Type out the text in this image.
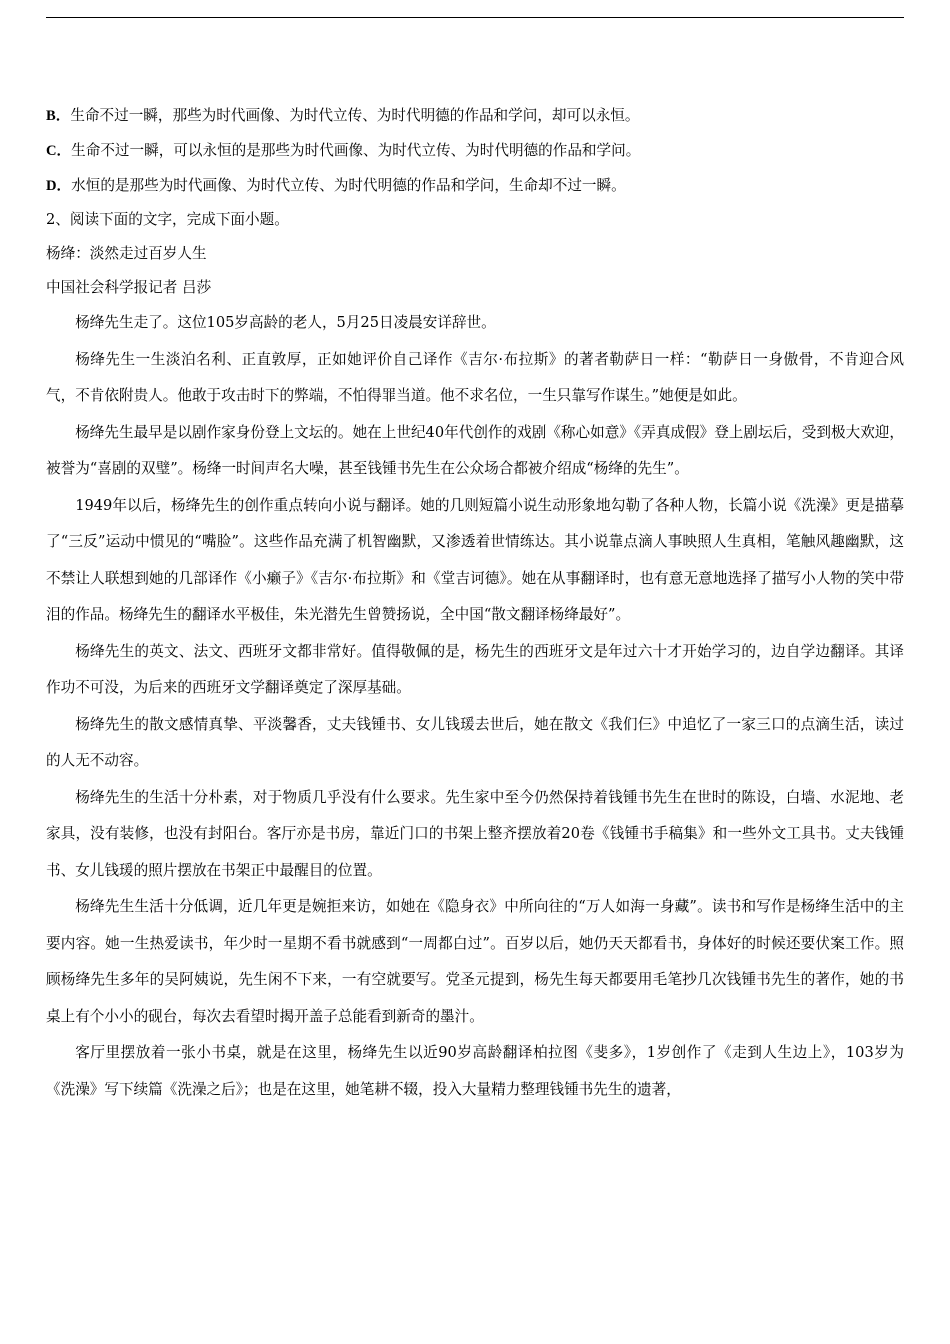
B．生命不过一瞬，那些为时代画像、为时代立传、为时代明德的作品和学问，却可以永恒。

C．生命不过一瞬，可以永恒的是那些为时代画像、为时代立传、为时代明德的作品和学问。

D．水恒的是那些为时代画像、为时代立传、为时代明德的作品和学问，生命却不过一瞬。

2、阅读下面的文字，完成下面小题。

杨绛：淡然走过百岁人生

中国社会科学报记者 吕莎

杨绛先生走了。这位105岁高龄的老人，5月25日凌晨安详辞世。

杨绛先生一生淡泊名利、正直敦厚，正如她评价自己译作《吉尔·布拉斯》的著者勒萨日一样：“勒萨日一身傲骨，不肯迎合风气，不肯依附贵人。他敢于攻击时下的弊端，不怕得罪当道。他不求名位，一生只靠写作谋生。”她便是如此。

杨绛先生最早是以剧作家身份登上文坛的。她在上世纪40年代创作的戏剧《称心如意》《弄真成假》登上剧坛后，受到极大欢迎，被誉为“喜剧的双璧”。杨绛一时间声名大噪，甚至钱锺书先生在公众场合都被介绍成“杨绛的先生”。

1949年以后，杨绛先生的创作重点转向小说与翻译。她的几则短篇小说生动形象地勾勒了各种人物，长篇小说《洗澡》更是描摹了“三反”运动中惯见的“嘴脸”。这些作品充满了机智幽默，又渗透着世情练达。其小说靠点滴人事映照人生真相，笔触风趣幽默，这不禁让人联想到她的几部译作《小癞子》《吉尔·布拉斯》和《堂吉诃德》。她在从事翻译时，也有意无意地选择了描写小人物的笑中带泪的作品。杨绛先生的翻译水平极佳，朱光潜先生曾赞扬说，全中国“散文翻译杨绛最好”。

杨绛先生的英文、法文、西班牙文都非常好。值得敬佩的是，杨先生的西班牙文是年过六十才开始学习的，边自学边翻译。其译作功不可没，为后来的西班牙文学翻译奠定了深厚基础。

杨绛先生的散文感情真挚、平淡馨香，丈夫钱锺书、女儿钱瑗去世后，她在散文《我们仨》中追忆了一家三口的点滴生活，读过的人无不动容。

杨绛先生的生活十分朴素，对于物质几乎没有什么要求。先生家中至今仍然保持着钱锺书先生在世时的陈设，白墙、水泥地、老家具，没有装修，也没有封阳台。客厅亦是书房，靠近门口的书架上整齐摆放着20卷《钱锺书手稿集》和一些外文工具书。丈夫钱锺书、女儿钱瑗的照片摆放在书架正中最醒目的位置。

杨绛先生生活十分低调，近几年更是婉拒来访，如她在《隐身衣》中所向往的“万人如海一身藏”。读书和写作是杨绛生活中的主要内容。她一生热爱读书，年少时一星期不看书就感到“一周都白过”。百岁以后，她仍天天都看书，身体好的时候还要伏案工作。照顾杨绛先生多年的吴阿姨说，先生闲不下来，一有空就要写。党圣元提到，杨先生每天都要用毛笔抄几次钱锺书先生的著作，她的书桌上有个小小的砚台，每次去看望时揭开盖子总能看到新奇的墨汁。

客厅里摆放着一张小书桌，就是在这里，杨绛先生以近90岁高龄翻译柏拉图《斐多》，1岁创作了《走到人生边上》，103岁为《洗澡》写下续篇《洗澡之后》；也是在这里，她笔耕不辍，投入大量精力整理钱锺书先生的遗著，
